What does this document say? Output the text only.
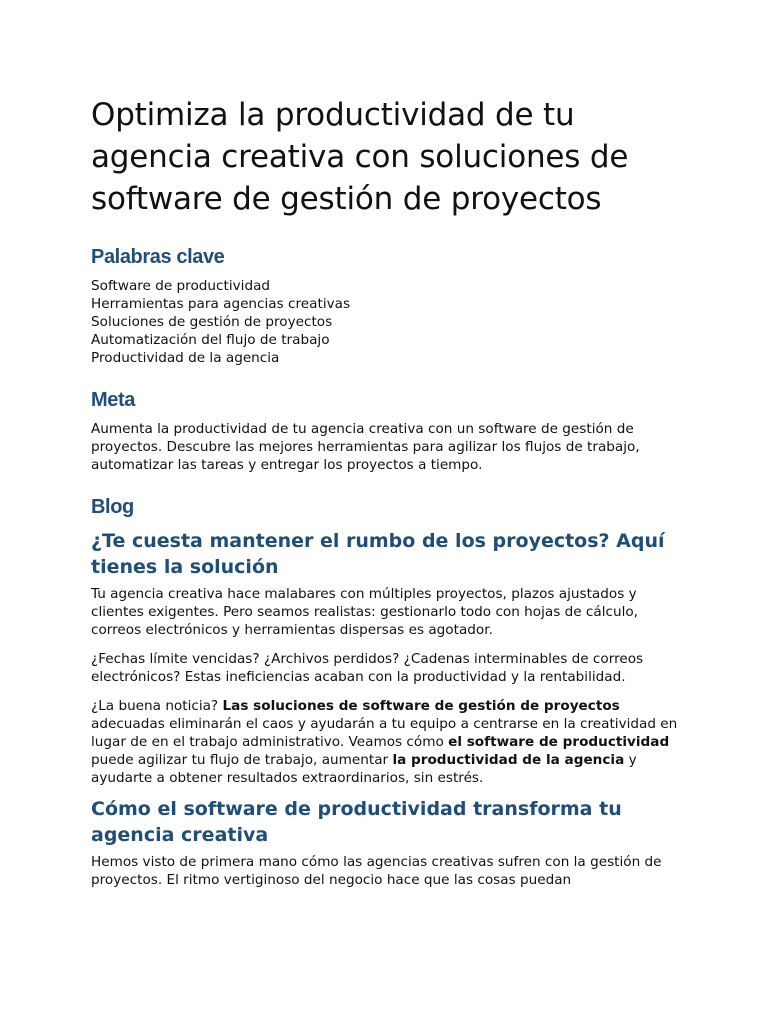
Optimiza la productividad de tu agencia creativa con soluciones de software de gestión de proyectos
Palabras clave
Software de productividad
Herramientas para agencias creativas
Soluciones de gestión de proyectos
Automatización del flujo de trabajo
Productividad de la agencia
Meta

Aumenta la productividad de tu agencia creativa con un software de gestión de proyectos. Descubre las mejores herramientas para agilizar los flujos de trabajo, automatizar las tareas y entregar los proyectos a tiempo.

Blog
¿Te cuesta mantener el rumbo de los proyectos? Aquí tienes la solución

Tu agencia creativa hace malabares con múltiples proyectos, plazos ajustados y clientes exigentes. Pero seamos realistas: gestionarlo todo con hojas de cálculo, correos electrónicos y herramientas dispersas es agotador.

¿Fechas límite vencidas? ¿Archivos perdidos? ¿Cadenas interminables de correos electrónicos? Estas ineficiencias acaban con la productividad y la rentabilidad.

¿La buena noticia? Las soluciones de software de gestión de proyectos adecuadas eliminarán el caos y ayudarán a tu equipo a centrarse en la creatividad en lugar de en el trabajo administrativo. Veamos cómo el software de productividad puede agilizar tu flujo de trabajo, aumentar la productividad de la agencia y ayudarte a obtener resultados extraordinarios, sin estrés.

Cómo el software de productividad transforma tu agencia creativa

Hemos visto de primera mano cómo las agencias creativas sufren con la gestión de proyectos. El ritmo vertiginoso del negocio hace que las cosas puedan
